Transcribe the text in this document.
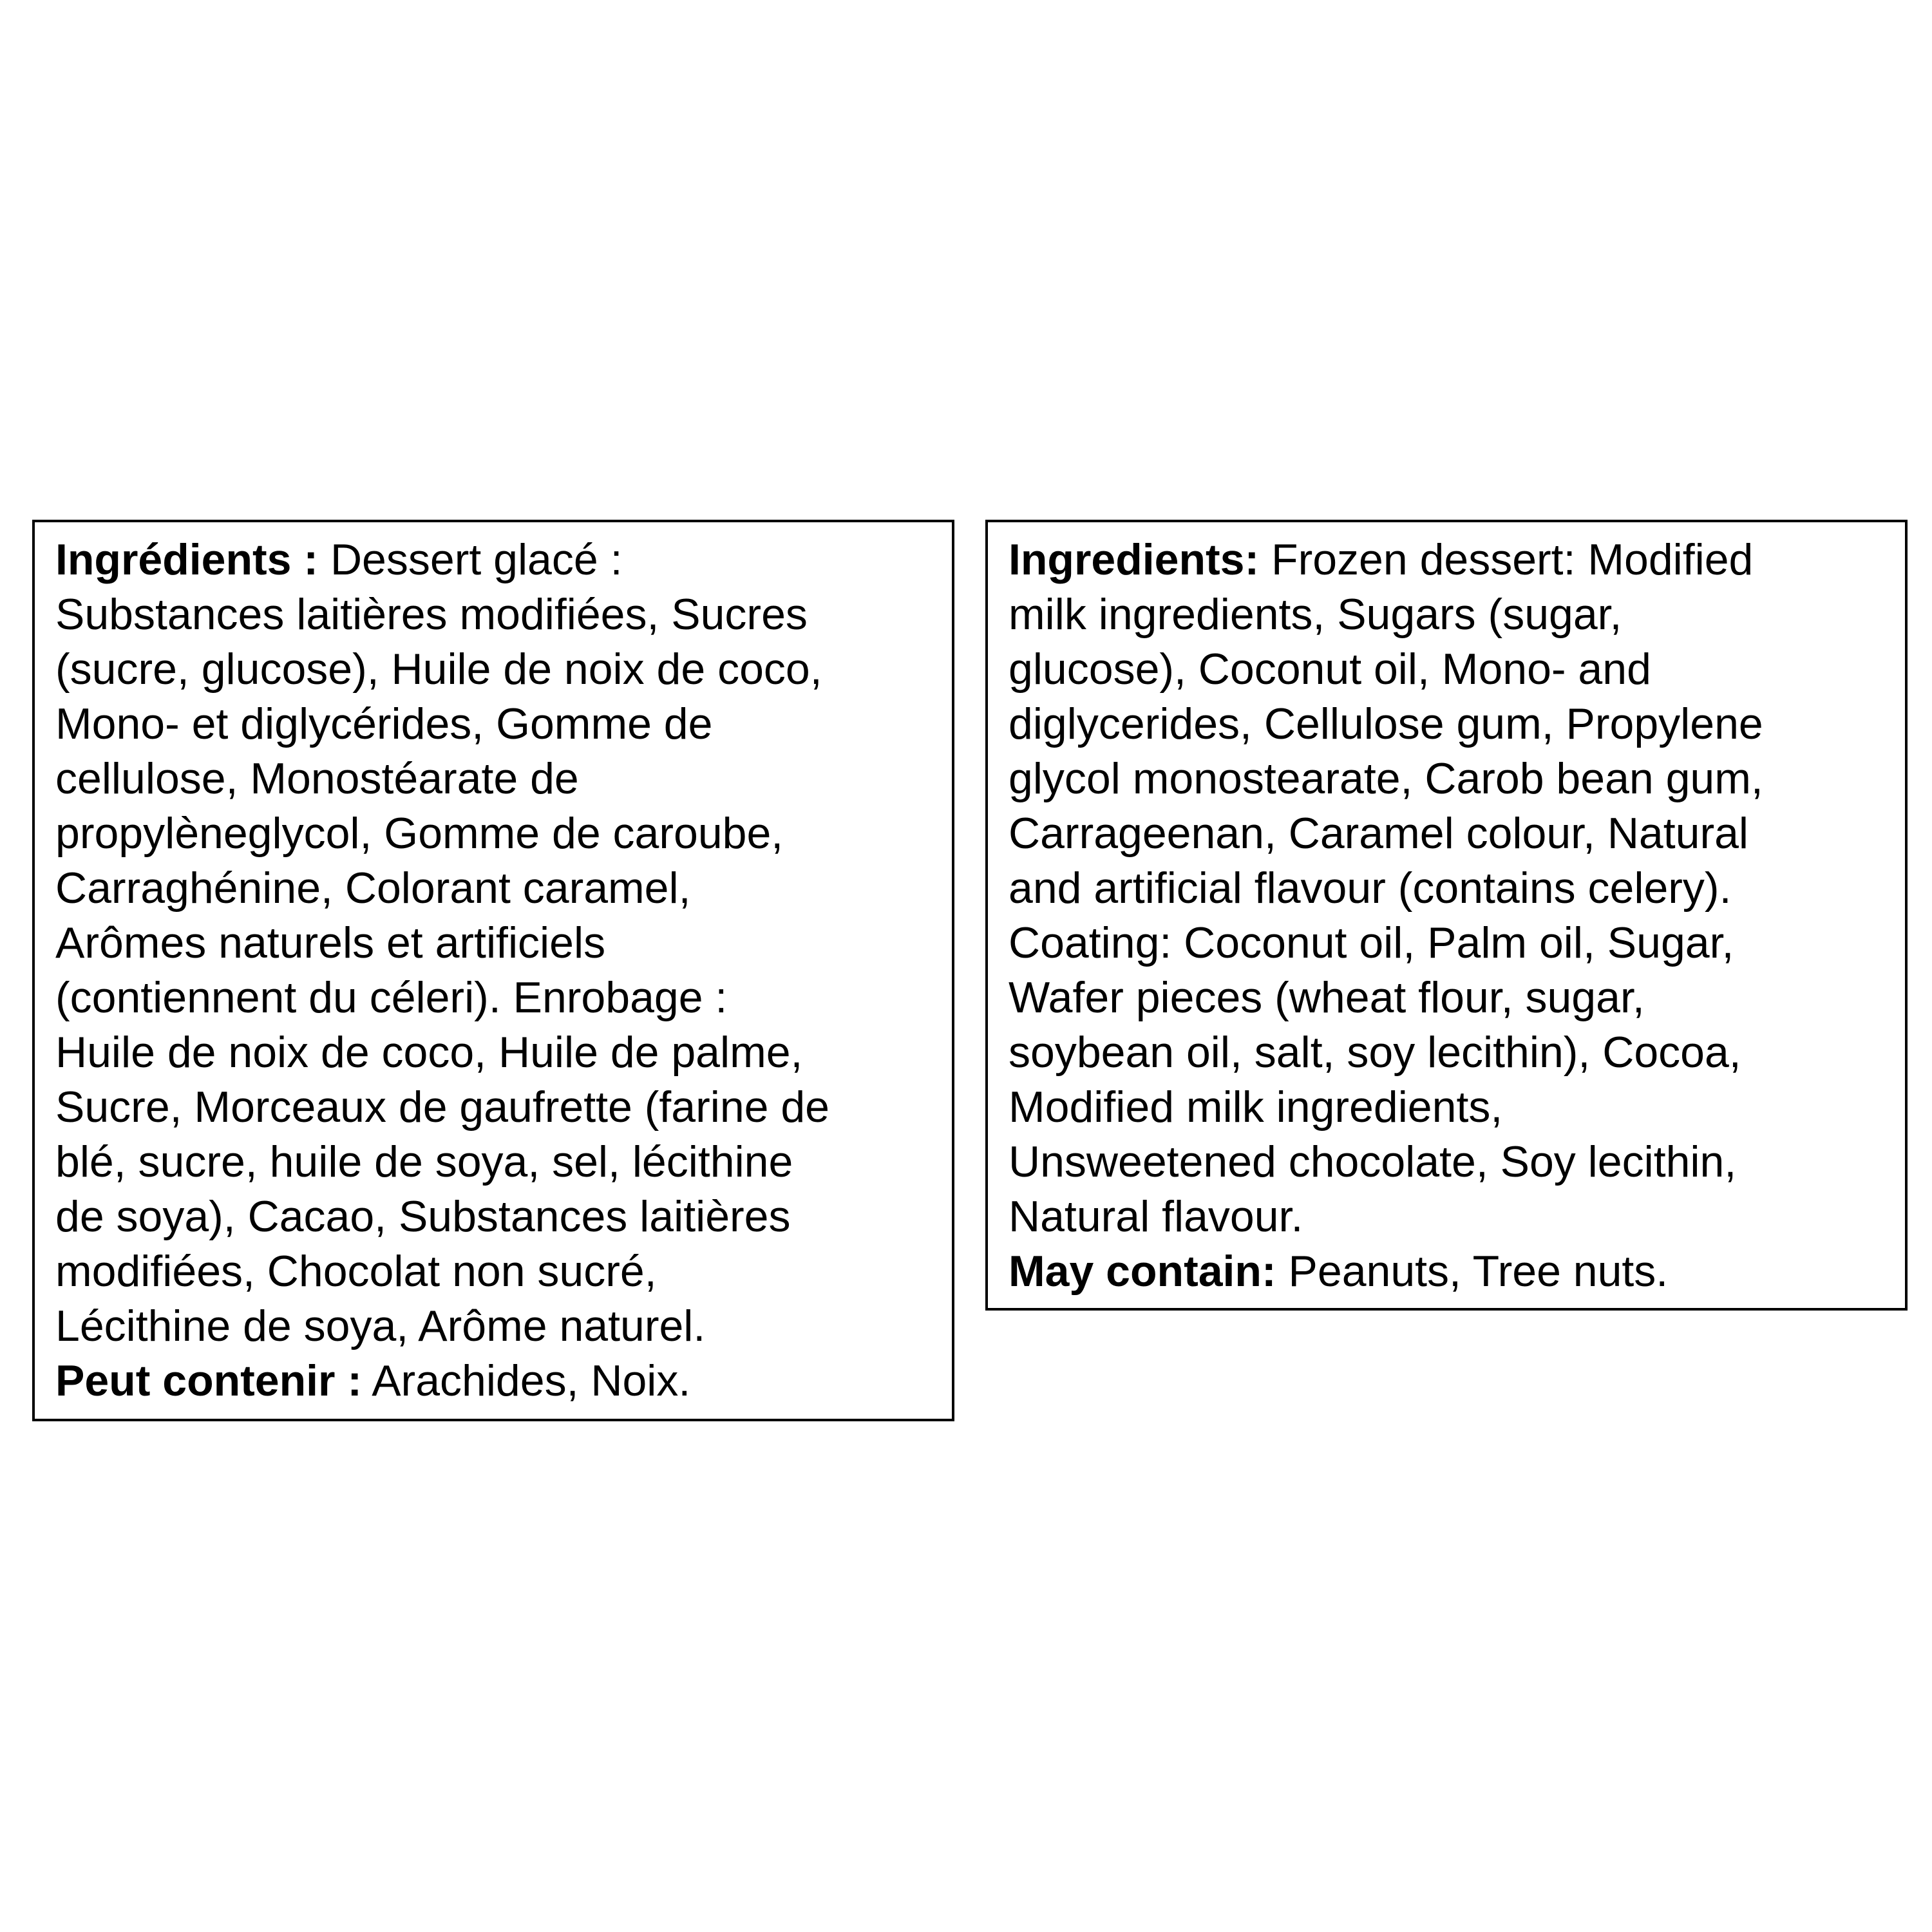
Ingrédients : Dessert glacé :
Substances laitières modifiées, Sucres
(sucre, glucose), Huile de noix de coco,
Mono- et diglycérides, Gomme de
cellulose, Monostéarate de
propylèneglycol, Gomme de caroube,
Carraghénine, Colorant caramel,
Arômes naturels et artificiels
(contiennent du céleri). Enrobage :
Huile de noix de coco, Huile de palme,
Sucre, Morceaux de gaufrette (farine de
blé, sucre, huile de soya, sel, lécithine
de soya), Cacao, Substances laitières
modifiées, Chocolat non sucré,
Lécithine de soya, Arôme naturel.
Peut contenir : Arachides, Noix.

Ingredients: Frozen dessert: Modified
milk ingredients, Sugars (sugar,
glucose), Coconut oil, Mono- and
diglycerides, Cellulose gum, Propylene
glycol monostearate, Carob bean gum,
Carrageenan, Caramel colour, Natural
and artificial flavour (contains celery).
Coating: Coconut oil, Palm oil, Sugar,
Wafer pieces (wheat flour, sugar,
soybean oil, salt, soy lecithin), Cocoa,
Modified milk ingredients,
Unsweetened chocolate, Soy lecithin,
Natural flavour.
May contain: Peanuts, Tree nuts.
